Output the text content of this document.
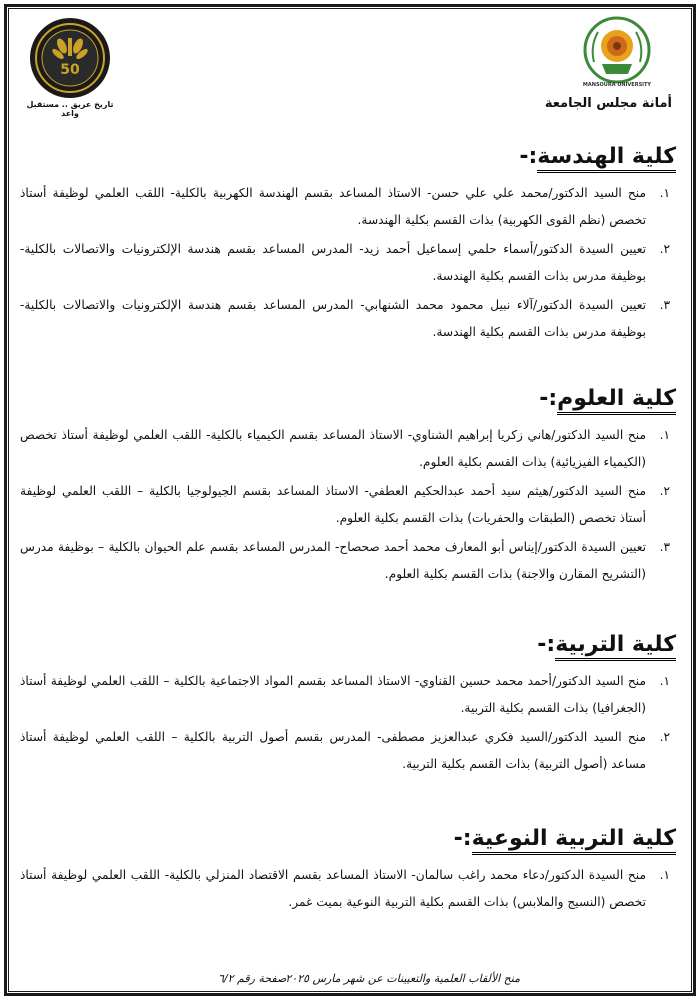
50
تاريخ عريق .. مستقبل واعد
MANSOURA UNIVERSITY
أمانة مجلس الجامعة
كلية الهندسة:-
١.
منح السيد الدكتور/محمد علي علي حسن- الاستاذ المساعد بقسم الهندسة الكهربية بالكلية- اللقب العلمي لوظيفة أستاذ تخصص (نظم القوى الكهربية) بذات القسم بكلية الهندسة.
٢.
تعيين السيدة الدكتور/أسماء حلمي إسماعيل أحمد زيد- المدرس المساعد بقسم هندسة الإلكترونيات والاتصالات بالكلية- بوظيفة مدرس بذات القسم بكلية الهندسة.
٣.
تعيين السيدة الدكتور/آلاء نبيل محمود محمد الشنهابي- المدرس المساعد بقسم هندسة الإلكترونيات والاتصالات بالكلية- بوظيفة مدرس بذات القسم بكلية الهندسة.
كلية العلوم:-
١.
منح السيد الدكتور/هاني زكريا إبراهيم الشناوي- الاستاذ المساعد بقسم الكيمياء بالكلية- اللقب العلمي لوظيفة أستاذ تخصص (الكيمياء الفيزيائية) بذات القسم بكلية العلوم.
٢.
منح السيد الدكتور/هيثم سيد أحمد عبدالحكيم العطفي- الاستاذ المساعد بقسم الجيولوجيا بالكلية – اللقب العلمي لوظيفة أستاذ تخصص (الطبقات والحفريات) بذات القسم بكلية العلوم.
٣.
تعيين السيدة الدكتور/إيناس أبو المعارف محمد أحمد صحصاح- المدرس المساعد بقسم علم الحيوان بالكلية – بوظيفة مدرس (التشريح المقارن والاجنة) بذات القسم بكلية العلوم.
كلية التربية:-
١.
منح السيد الدكتور/أحمد محمد حسين القناوي- الاستاذ المساعد بقسم المواد الاجتماعية بالكلية – اللقب العلمي لوظيفة أستاذ (الجغرافيا) بذات القسم بكلية التربية.
٢.
منح السيد الدكتور/السيد فكري عبدالعزيز مصطفى- المدرس بقسم أصول التربية بالكلية – اللقب العلمي لوظيفة أستاذ مساعد (أصول التربية) بذات القسم بكلية التربية.
كلية التربية النوعية:-
١.
منح السيدة الدكتور/دعاء محمد راغب سالمان- الاستاذ المساعد بقسم الاقتصاد المنزلي بالكلية- اللقب العلمي لوظيفة أستاذ تخصص (النسيج والملابس) بذات القسم بكلية التربية النوعية بميت غمر.
منح الألقاب العلمية والتعيينات عن شهر مارس ٢٠٢٥
صفحة رقم ٦/٢
